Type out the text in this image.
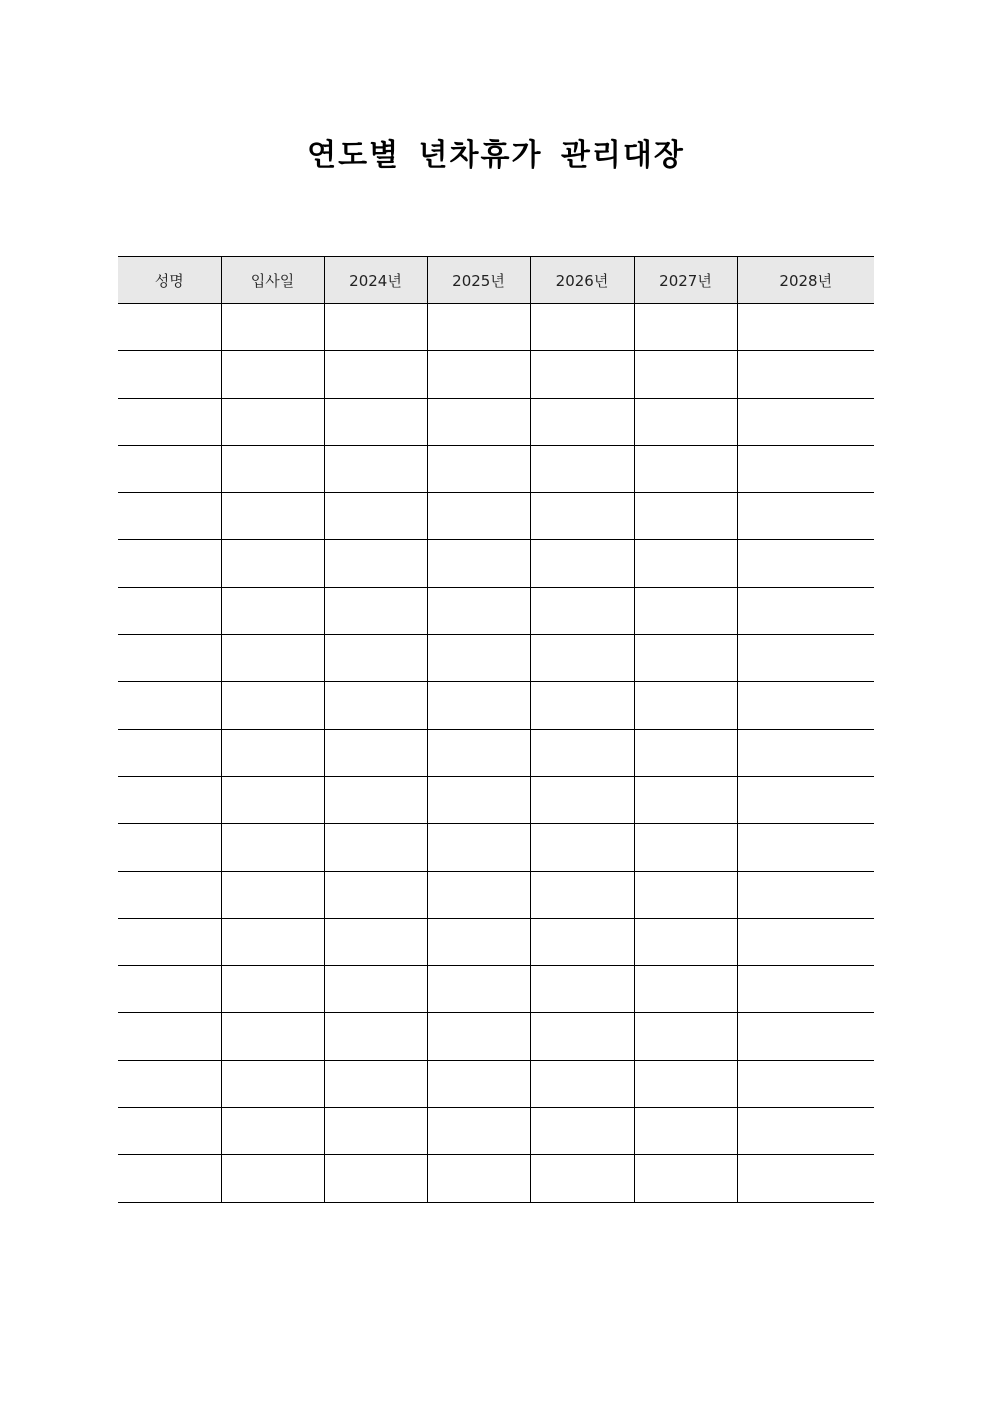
연도별 년차휴가 관리대장
성명	입사일	2024년	2025년	2026년	2027년	2028년
